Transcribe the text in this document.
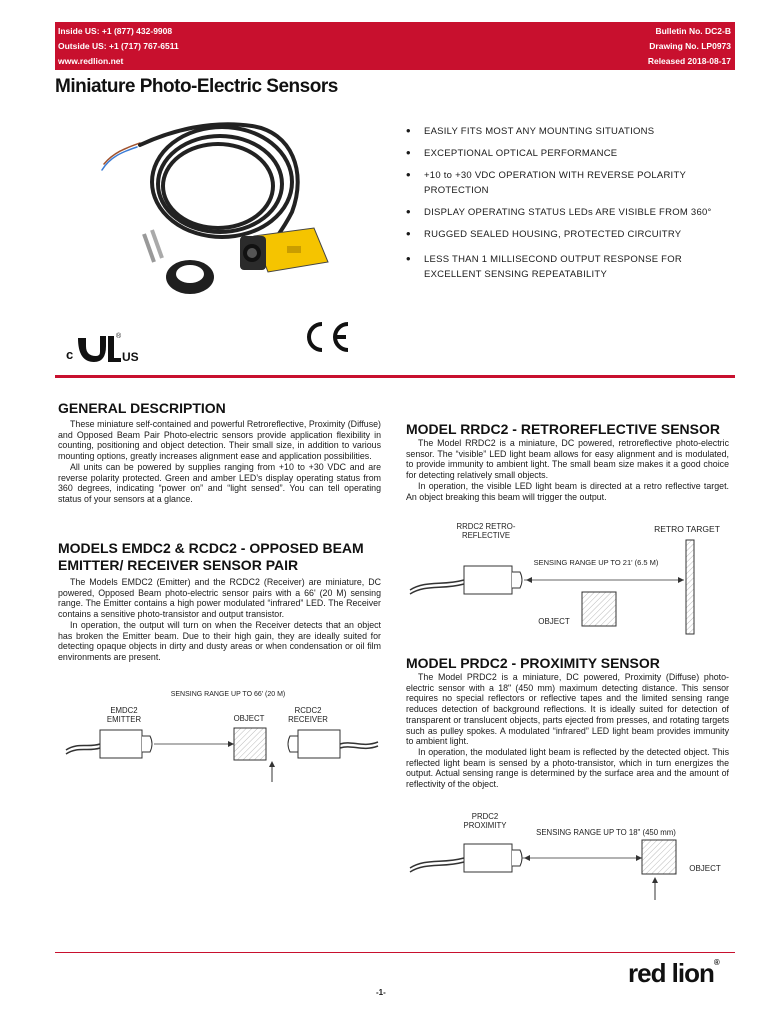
Inside US: +1 (877) 432-9908
Outside US: +1 (717) 767-6511
www.redlion.net
Bulletin No. DC2-B
Drawing No. LP0973
Released 2018-08-17
Miniature Photo-Electric Sensors
• EASILY FITS MOST ANY MOUNTING SITUATIONS
• EXCEPTIONAL OPTICAL PERFORMANCE
• +10 to +30 VDC OPERATION WITH REVERSE POLARITY PROTECTION
• DISPLAY OPERATING STATUS LEDs ARE VISIBLE FROM 360°
• RUGGED SEALED HOUSING, PROTECTED CIRCUITRY
• LESS THAN 1 MILLISECOND OUTPUT RESPONSE FOR EXCELLENT SENSING REPEATABILITY
c	US
®
GENERAL DESCRIPTION

These miniature self-contained and powerful Retroreflective, Proximity (Diffuse) and Opposed Beam Pair Photo-electric sensors provide application flexibility in counting, positioning and object detection. Their small size, in addition to various mounting options, greatly increases alignment ease and application possibilities.

All units can be powered by supplies ranging from +10 to +30 VDC and are reverse polarity protected. Green and amber LED’s display operating status from 360 degrees, indicating “power on” and “light sensed”. You can tell operating status of your sensors at a glance.

MODELS EMDC2 & RCDC2 - OPPOSED BEAM EMITTER/ RECEIVER SENSOR PAIR

The Models EMDC2 (Emitter) and the RCDC2 (Receiver) are miniature, DC powered, Opposed Beam photo-electric sensor pairs with a 66' (20 M) sensing range. The Emitter contains a high power modulated “infrared” LED. The Receiver contains a sensitive photo-transistor and output transistor.

In operation, the output will turn on when the Receiver detects that an object has broken the Emitter beam. Due to their high gain, they are ideally suited for detecting opaque objects in dirty and dusty areas or when condensation or oil film environments are present.

SENSING RANGE UP TO 66' (20 M)
EMDC2 EMITTER	OBJECT
RCDC2 RECEIVER
MODEL RRDC2 - RETROREFLECTIVE SENSOR

The Model RRDC2 is a miniature, DC powered, retroreflective photo-electric sensor. The “visible” LED light beam allows for easy alignment and is modulated, to provide immunity to ambient light. The small beam size makes it a good choice for detecting relatively small objects.

In operation, the visible LED light beam is directed at a retro reflective target. An object breaking this beam will trigger the output.

RRDC2 RETRO- REFLECTIVE
RETRO TARGET
SENSING RANGE UP TO 21' (6.5 M)
OBJECT
MODEL PRDC2 - PROXIMITY SENSOR

The Model PRDC2 is a miniature, DC powered, Proximity (Diffuse) photo-electric sensor with a 18" (450 mm) maximum detecting distance. This sensor requires no special reflectors or reflective tapes and the limited sensing range reduces detection of background reflections. It is ideally suited for detection of transparent or translucent objects, parts ejected from presses, and rotating targets such as pulley spokes. A modulated “infrared” LED light beam provides immunity to ambient light.

In operation, the modulated light beam is reflected by the detected object. This reflected light beam is sensed by a photo-transistor, which in turn energizes the output. Actual sensing range is determined by the surface area and the amount of reflectivity of the object.

PRDC2 PROXIMITY
SENSING RANGE UP TO 18" (450 mm)
OBJECT
-1-
red lion®
